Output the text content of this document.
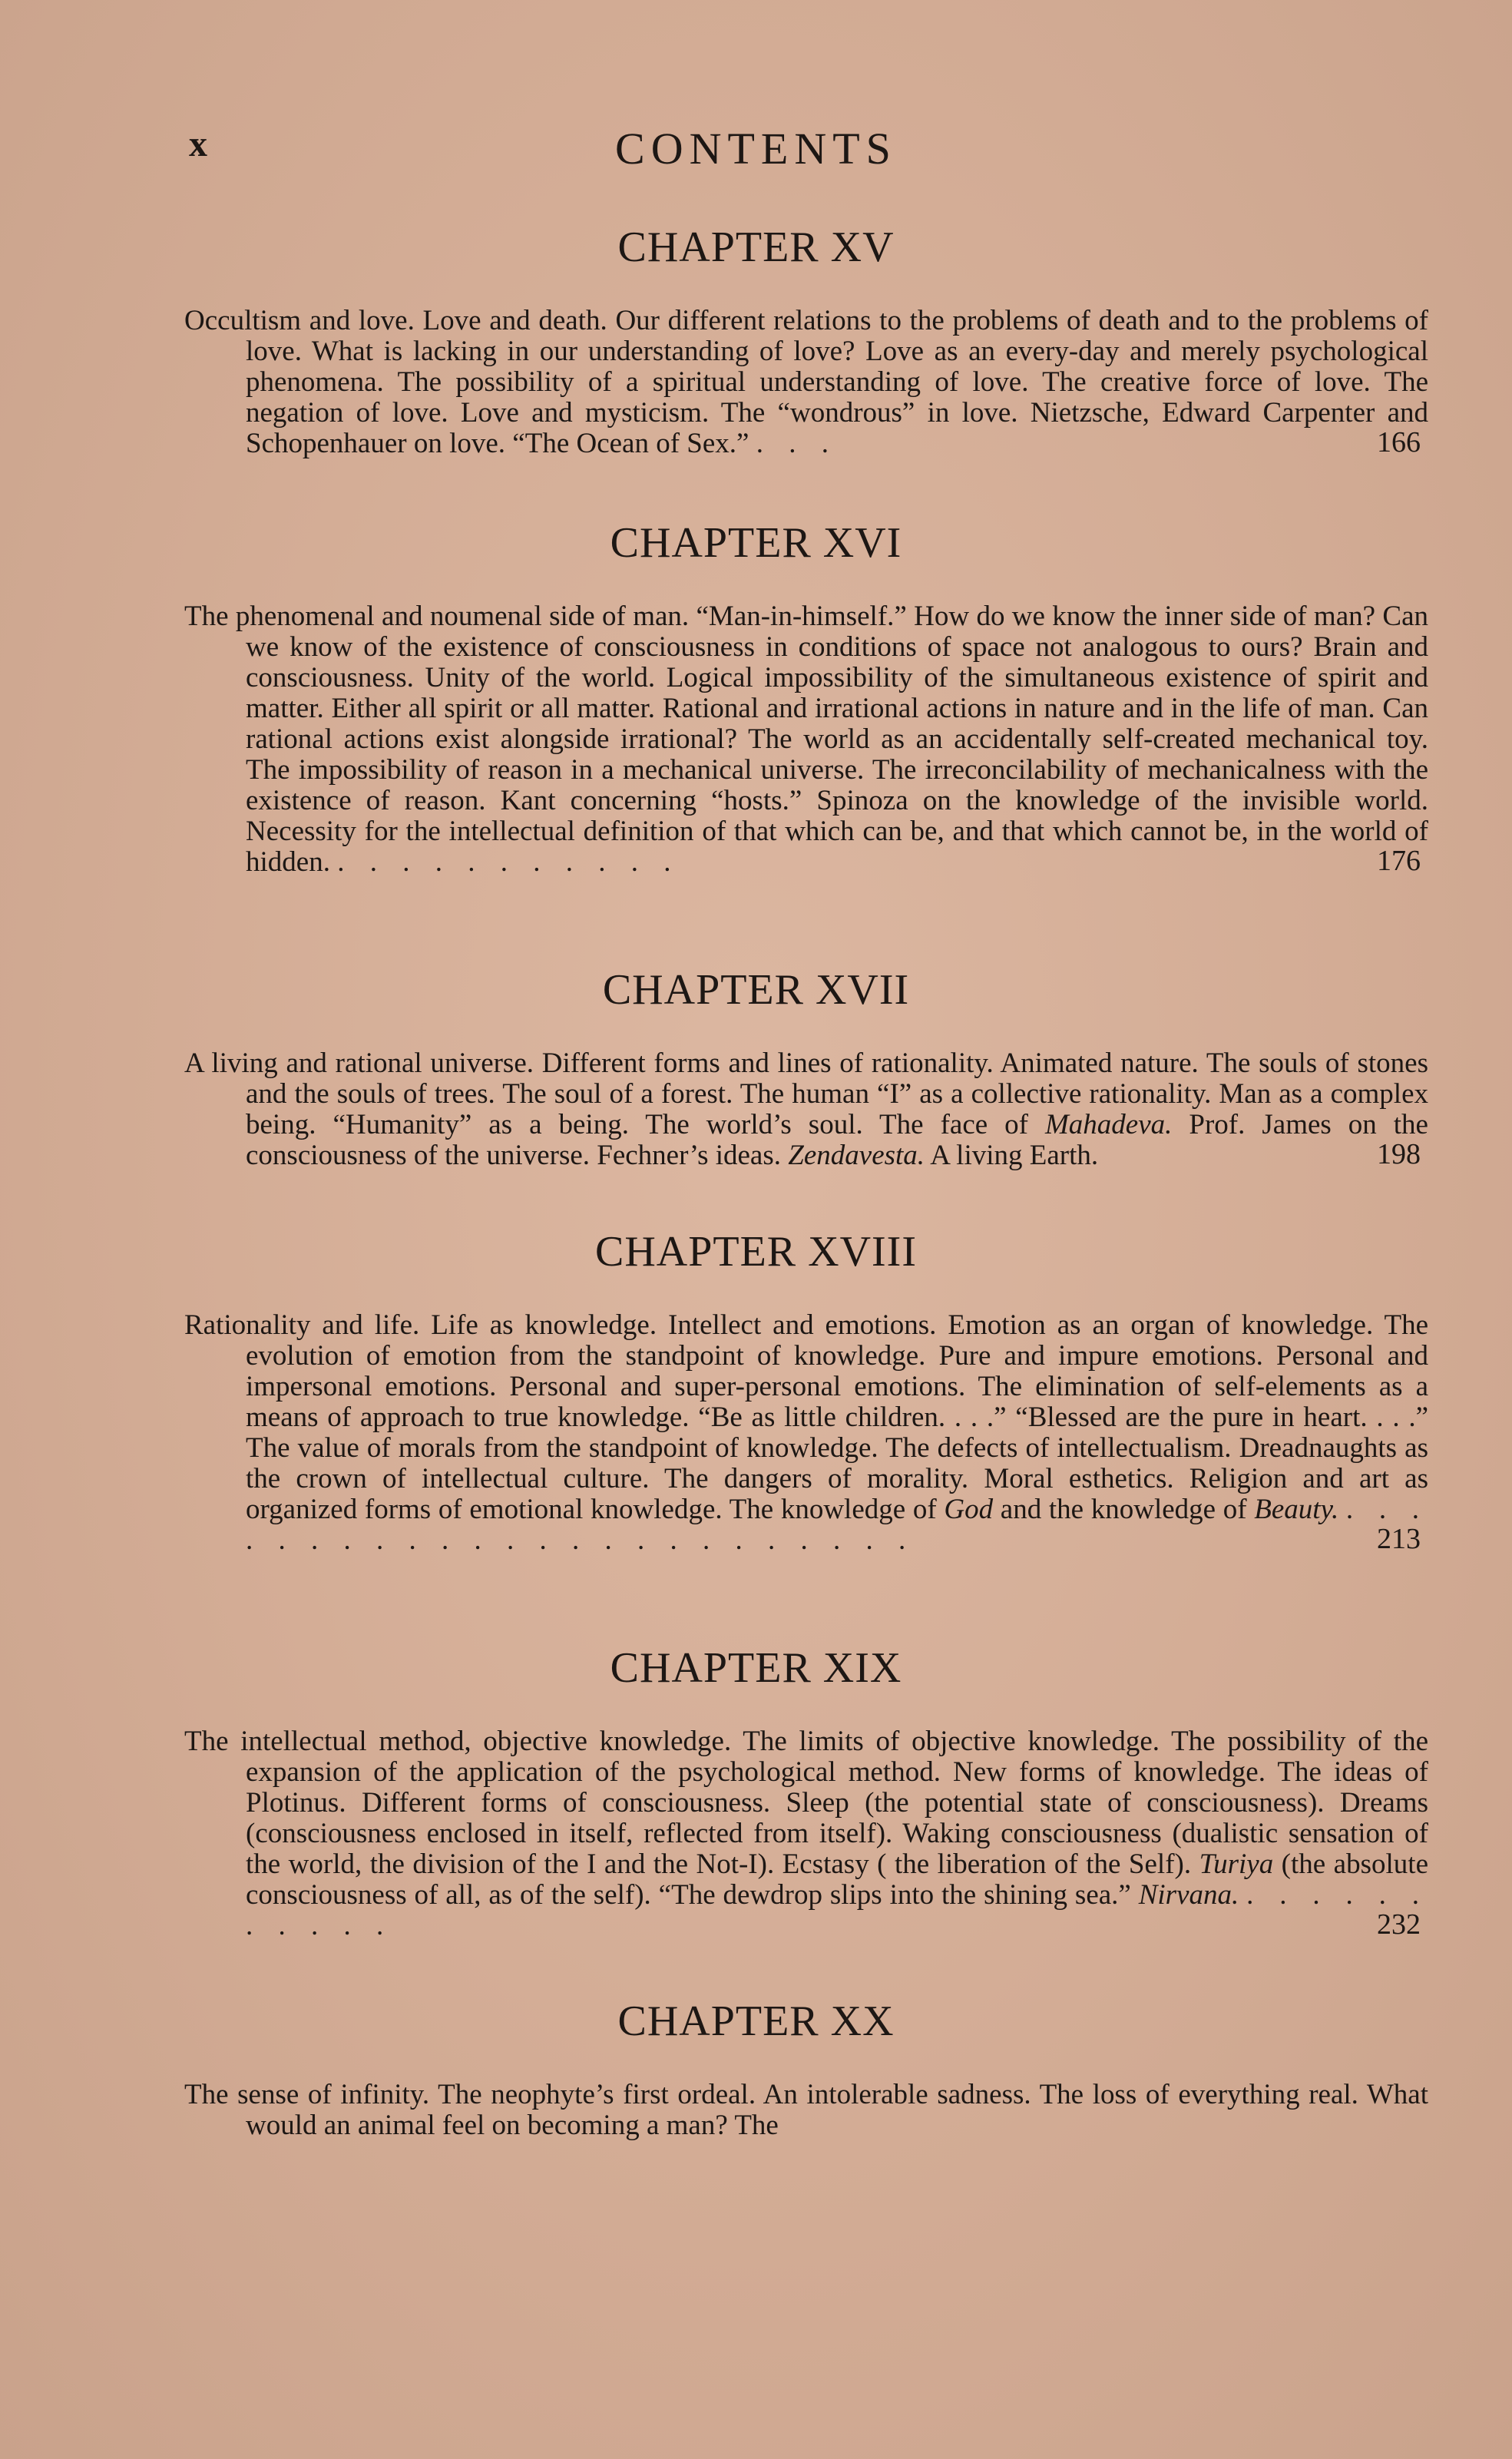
x	CONTENTS
CHAPTER XV
Occultism and love. Love and death. Our different relations to the problems of death and to the problems of love. What is lacking in our understanding of love? Love as an every-day and merely psychological phenomena. The possibility of a spiritual understanding of love. The creative force of love. The negation of love. Love and mysticism. The “wondrous” in love. Nietzsche, Edward Carpenter and Schopenhauer on love. “The Ocean of Sex.” . . .	166
CHAPTER XVI
The phenomenal and noumenal side of man. “Man-in-himself.” How do we know the inner side of man? Can we know of the existence of consciousness in conditions of space not analogous to ours? Brain and consciousness. Unity of the world. Logical impossibility of the simultaneous existence of spirit and matter. Either all spirit or all matter. Rational and irrational actions in nature and in the life of man. Can rational actions exist alongside irrational? The world as an accidentally self-created mechanical toy. The impossibility of reason in a mechanical universe. The irreconcilability of mechanicalness with the existence of reason. Kant concerning “hosts.” Spinoza on the knowledge of the invisible world. Necessity for the intellectual definition of that which can be, and that which cannot be, in the world of hidden. . . . . . . . . . . .	176
CHAPTER XVII
A living and rational universe. Different forms and lines of rationality. Animated nature. The souls of stones and the souls of trees. The soul of a forest. The human “I” as a collective rationality. Man as a complex being. “Humanity” as a being. The world’s soul. The face of Mahadeva. Prof. James on the consciousness of the universe. Fechner’s ideas. Zendavesta. A living Earth.	198
CHAPTER XVIII
Rationality and life. Life as knowledge. Intellect and emotions. Emotion as an organ of knowledge. The evolution of emotion from the standpoint of knowledge. Pure and impure emotions. Personal and impersonal emotions. Personal and super-personal emotions. The elimination of self-elements as a means of approach to true knowledge. “Be as little children. . . .” “Blessed are the pure in heart. . . .” The value of morals from the standpoint of knowledge. The defects of intellectualism. Dreadnaughts as the crown of intellectual culture. The dangers of morality. Moral esthetics. Religion and art as organized forms of emotional knowledge. The knowledge of God and the knowledge of Beauty. . . . . . . . . . . . . . . . . . . . . . . . .	213
CHAPTER XIX
The intellectual method, objective knowledge. The limits of objective knowledge. The possibility of the expansion of the application of the psychological method. New forms of knowledge. The ideas of Plotinus. Different forms of consciousness. Sleep (the potential state of consciousness). Dreams (consciousness enclosed in itself, reflected from itself). Waking consciousness (dualistic sensation of the world, the division of the I and the Not-I). Ecstasy ( the liberation of the Self). Turiya (the absolute consciousness of all, as of the self). “The dewdrop slips into the shining sea.” Nirvana. . . . . . . . . . . .	232
CHAPTER XX
The sense of infinity. The neophyte’s first ordeal. An intolerable sadness. The loss of everything real. What would an animal feel on becoming a man? The
